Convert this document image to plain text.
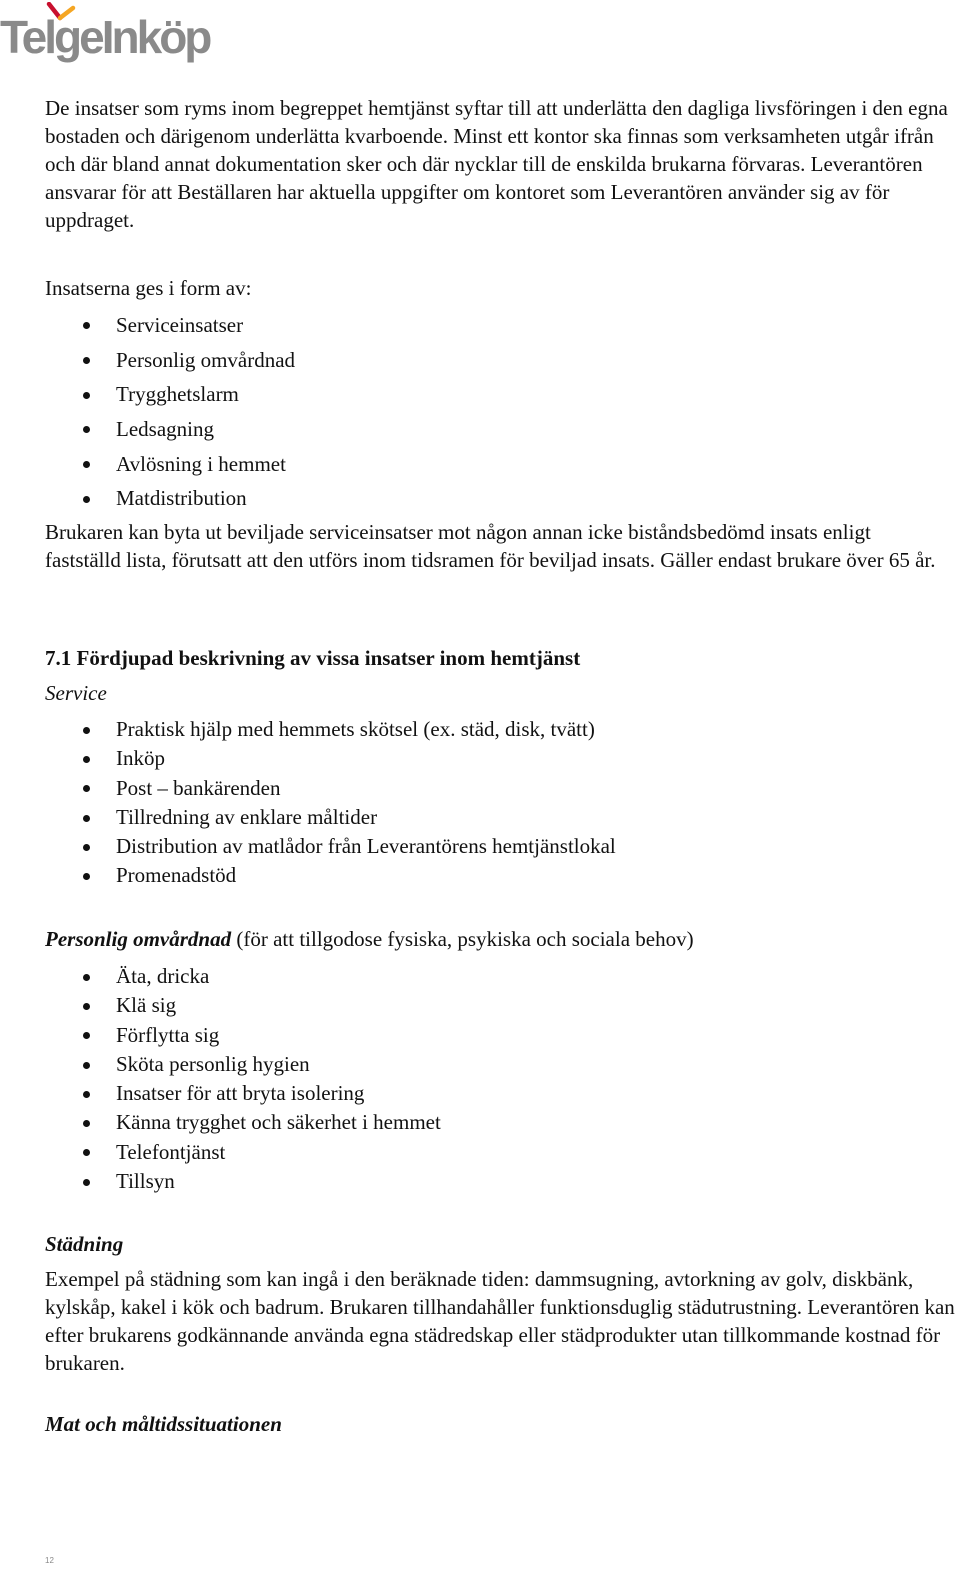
TelgeInköp

De insatser som ryms inom begreppet hemtjänst syftar till att underlätta den dagliga livsföringen i den egna bostaden och därigenom underlätta kvarboende. Minst ett kontor ska finnas som verksamheten utgår ifrån och där bland annat dokumentation sker och där nycklar till de enskilda brukarna förvaras. Leverantören ansvarar för att Beställaren har aktuella uppgifter om kontoret som Leverantören använder sig av för uppdraget.

Insatserna ges i form av:

Serviceinsatser
Personlig omvårdnad
Trygghetslarm
Ledsagning
Avlösning i hemmet
Matdistribution

Brukaren kan byta ut beviljade serviceinsatser mot någon annan icke biståndsbedömd insats enligt fastställd lista, förutsatt att den utförs inom tidsramen för beviljad insats. Gäller endast brukare över 65 år.

7.1 Fördjupad beskrivning av vissa insatser inom hemtjänst

Service

Praktisk hjälp med hemmets skötsel (ex. städ, disk, tvätt)
Inköp
Post – bankärenden
Tillredning av enklare måltider
Distribution av matlådor från Leverantörens hemtjänstlokal
Promenadstöd

Personlig omvårdnad (för att tillgodose fysiska, psykiska och sociala behov)

Äta, dricka
Klä sig
Förflytta sig
Sköta personlig hygien
Insatser för att bryta isolering
Känna trygghet och säkerhet i hemmet
Telefontjänst
Tillsyn

Städning

Exempel på städning som kan ingå i den beräknade tiden: dammsugning, avtorkning av golv, diskbänk, kylskåp, kakel i kök och badrum. Brukaren tillhandahåller funktionsduglig städutrustning. Leverantören kan efter brukarens godkännande använda egna städredskap eller städprodukter utan tillkommande kostnad för brukaren.

Mat och måltidssituationen

12
